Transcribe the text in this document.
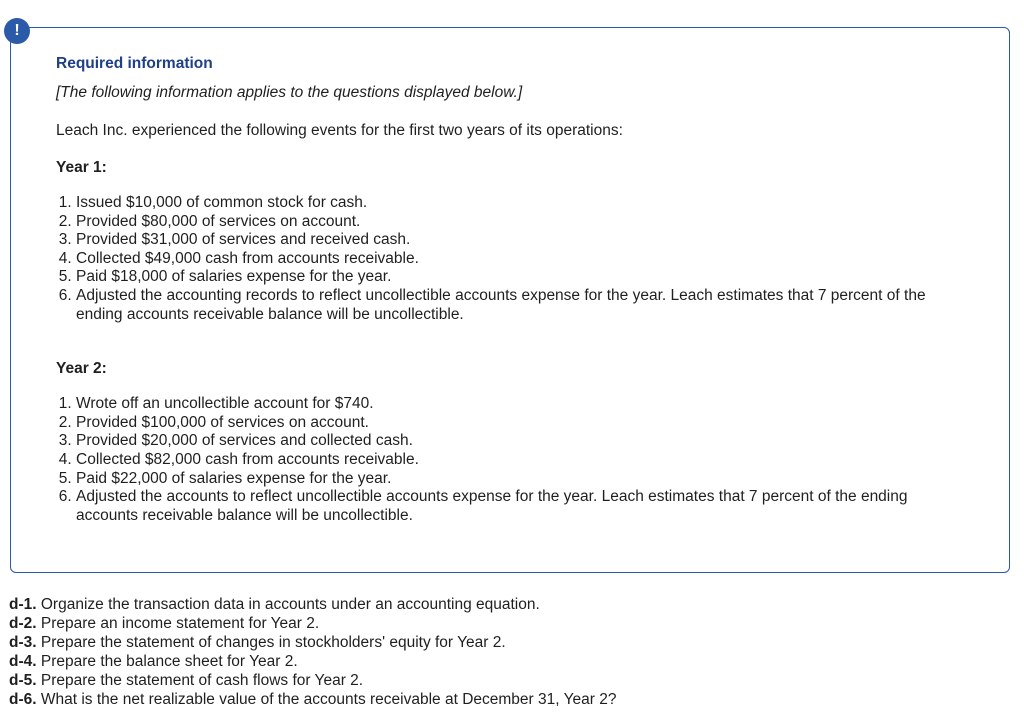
!

Required information

[The following information applies to the questions displayed below.]

Leach Inc. experienced the following events for the first two years of its operations:

Year 1:

1. Issued $10,000 of common stock for cash.
2. Provided $80,000 of services on account.
3. Provided $31,000 of services and received cash.
4. Collected $49,000 cash from accounts receivable.
5. Paid $18,000 of salaries expense for the year.
6. Adjusted the accounting records to reflect uncollectible accounts expense for the year. Leach estimates that 7 percent of the ending accounts receivable balance will be uncollectible.

Year 2:

1. Wrote off an uncollectible account for $740.
2. Provided $100,000 of services on account.
3. Provided $20,000 of services and collected cash.
4. Collected $82,000 cash from accounts receivable.
5. Paid $22,000 of salaries expense for the year.
6. Adjusted the accounts to reflect uncollectible accounts expense for the year. Leach estimates that 7 percent of the ending accounts receivable balance will be uncollectible.
d-1. Organize the transaction data in accounts under an accounting equation.
d-2. Prepare an income statement for Year 2.
d-3. Prepare the statement of changes in stockholders' equity for Year 2.
d-4. Prepare the balance sheet for Year 2.
d-5. Prepare the statement of cash flows for Year 2.
d-6. What is the net realizable value of the accounts receivable at December 31, Year 2?
